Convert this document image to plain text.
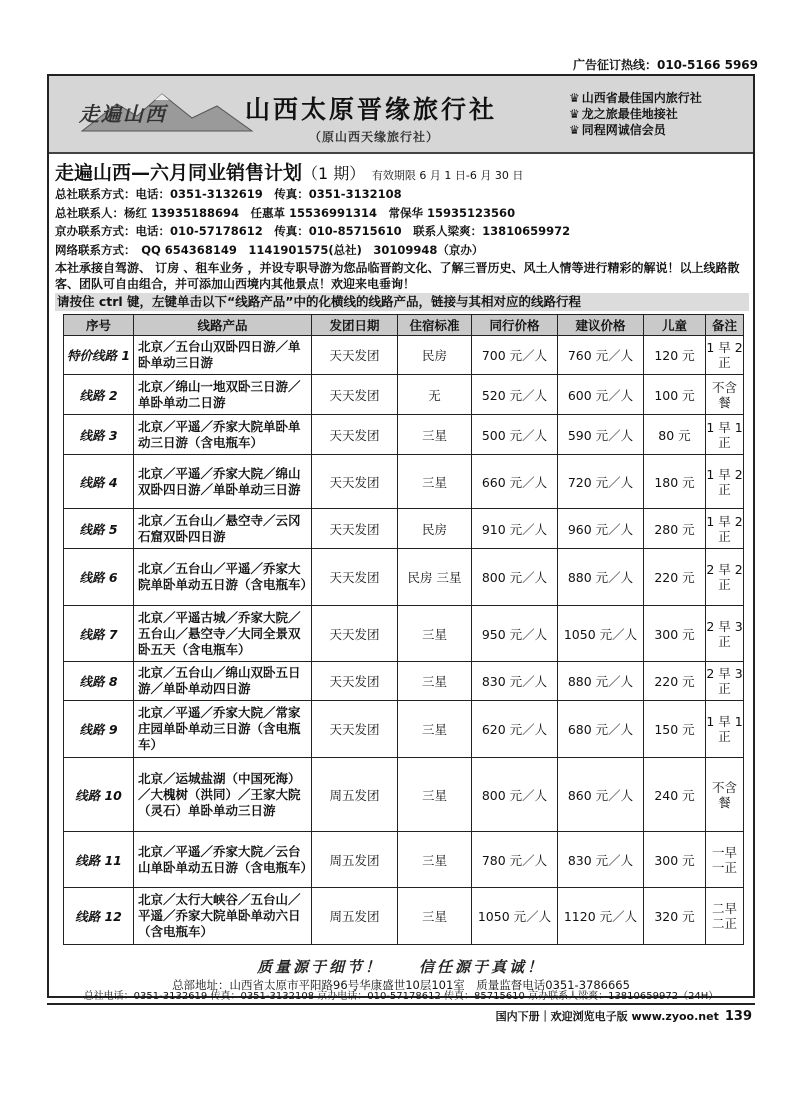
广告征订热线：010-5166 5969
走遍山西	山西太原晋缘旅行社
（原山西天缘旅行社）
♛ 山西省最佳国内旅行社
♛ 龙之旅最佳地接社
♛ 同程网诚信会员
走遍山西—六月同业销售计划（1 期） 有效期限 6 月 1 日-6 月 30 日
总社联系方式：电话：0351-3132619　传真：0351-3132108
总社联系人：杨红 13935188694　任惠革 15536991314　常保华 15935123560
京办联系方式：电话：010-57178612　传真：010-85715610　联系人梁爽：13810659972
网络联系方式：　QQ 654368149　1141901575(总社)　30109948（京办）
本社承接自驾游、 订房 、租车业务 ，并设专职导游为您品临晋韵文化、了解三晋历史、风土人情等进行精彩的解说！以上线路散客、团队可自由组合，并可添加山西境内其他景点！欢迎来电垂询！
请按住 ctrl 键，左键单击以下“线路产品”中的化横线的线路产品，链接与其相对应的线路行程
序号	线路产品	发团日期	住宿标准	同行价格	建议价格	儿童	备注
特价线路 1	北京／五台山双卧四日游／单卧单动三日游	天天发团	民房	700 元／人	760 元／人	120 元	1 早 2 正
线路 2	北京／绵山一地双卧三日游／单卧单动二日游	天天发团	无	520 元／人	600 元／人	100 元	不含餐
线路 3	北京／平遥／乔家大院单卧单动三日游（含电瓶车）	天天发团	三星	500 元／人	590 元／人	80 元	1 早 1 正
线路 4	北京／平遥／乔家大院／绵山双卧四日游／单卧单动三日游	天天发团	三星	660 元／人	720 元／人	180 元	1 早 2 正
线路 5	北京／五台山／悬空寺／云冈石窟双卧四日游	天天发团	民房	910 元／人	960 元／人	280 元	1 早 2 正
线路 6	北京／五台山／平遥／乔家大院单卧单动五日游（含电瓶车）	天天发团	民房 三星	800 元／人	880 元／人	220 元	2 早 2 正
线路 7	北京／平遥古城／乔家大院／五台山／悬空寺／大同全景双卧五天（含电瓶车）	天天发团	三星	950 元／人	1050 元／人	300 元	2 早 3 正
线路 8	北京／五台山／绵山双卧五日游／单卧单动四日游	天天发团	三星	830 元／人	880 元／人	220 元	2 早 3 正
线路 9	北京／平遥／乔家大院／常家庄园单卧单动三日游（含电瓶车）	天天发团	三星	620 元／人	680 元／人	150 元	1 早 1 正
线路 10	北京／运城盐湖（中国死海）／大槐树（洪同）／王家大院（灵石）单卧单动三日游	周五发团	三星	800 元／人	860 元／人	240 元	不含餐
线路 11	北京／平遥／乔家大院／云台山单卧单动五日游（含电瓶车）	周五发团	三星	780 元／人	830 元／人	300 元	一早 一正
线路 12	北京／太行大峡谷／五台山／平遥／乔家大院单卧单动六日（含电瓶车）	周五发团	三星	1050 元／人	1120 元／人	320 元	二早 二正
质量源于细节！　　信任源于真诚！
总部地址：山西省太原市平阳路96号华康盛世10层101室　质量监督电话0351-3786665
总社电话：0351-3132619 传真：0351-3132108 京办电话：010-57178612 传真：85715610 京办联系人梁爽：13810659972（24H）
国内下册｜欢迎浏览电子版 www.zyoo.net 139
